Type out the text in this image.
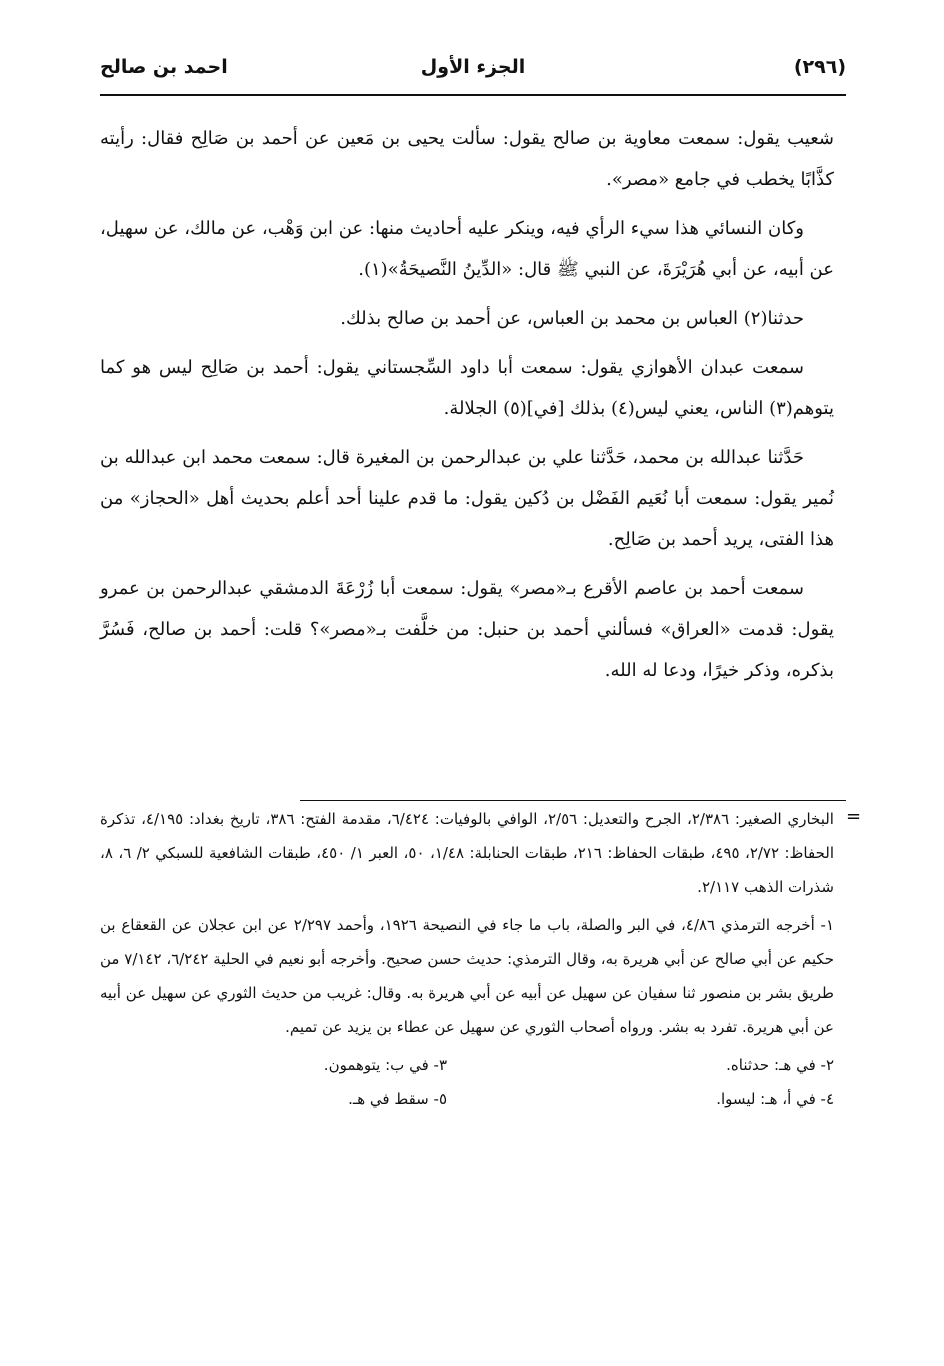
(٢٩٦)
الجزء الأول
احمد بن صالح

شعيب يقول: سمعت معاوية بن صالح يقول: سألت يحيى بن مَعين عن أحمد بن صَالِح فقال: رأيته كذَّابًا يخطب في جامع «مصر».

وكان النسائي هذا سيء الرأي فيه، وينكر عليه أحاديث منها: عن ابن وَهْب، عن مالك، عن سهيل، عن أبيه، عن أبي هُرَيْرَةَ، عن النبي ﷺ قال: «الدِّينُ النَّصيحَةُ»(١).

حدثنا(٢) العباس بن محمد بن العباس، عن أحمد بن صالح بذلك.

سمعت عبدان الأهوازي يقول: سمعت أبا داود السِّجستاني يقول: أحمد بن صَالِح ليس هو كما يتوهم(٣) الناس، يعني ليس(٤) بذلك [في](٥) الجلالة.

حَدَّثنا عبدالله بن محمد، حَدَّثنا علي بن عبدالرحمن بن المغيرة قال: سمعت محمد ابن عبدالله بن نُمير يقول: سمعت أبا نُعَيم الفَضْل بن دُكين يقول: ما قدم علينا أحد أعلم بحديث أهل «الحجاز» من هذا الفتى، يريد أحمد بن صَالِح.

سمعت أحمد بن عاصم الأقرع بـ«مصر» يقول: سمعت أبا زُرْعَةَ الدمشقي عبدالرحمن بن عمرو يقول: قدمت «العراق» فسألني أحمد بن حنبل: من خلَّفت بـ«مصر»؟ قلت: أحمد بن صالح، فَسُرَّ بذكره، وذكر خيرًا، ودعا له الله.

=

البخاري الصغير: ٢/٣٨٦، الجرح والتعديل: ٢/٥٦، الوافي بالوفيات: ٦/٤٢٤، مقدمة الفتح: ٣٨٦، تاريخ بغداد: ٤/١٩٥، تذكرة الحفاظ: ٢/٧٢، ٤٩٥، طبقات الحفاظ: ٢١٦، طبقات الحنابلة: ١/٤٨، ٥٠، العبر ١/ ٤٥٠، طبقات الشافعية للسبكي ٢/ ٦، ٨، شذرات الذهب ٢/١١٧.

١- أخرجه الترمذي ٤/٨٦، في البر والصلة، باب ما جاء في النصيحة ١٩٢٦، وأحمد ٢/٢٩٧ عن ابن عجلان عن القعقاع بن حكيم عن أبي صالح عن أبي هريرة به، وقال الترمذي: حديث حسن صحيح. وأخرجه أبو نعيم في الحلية ٦/٢٤٢، ٧/١٤٢ من طريق بشر بن منصور ثنا سفيان عن سهيل عن أبيه عن أبي هريرة به. وقال: غريب من حديث الثوري عن سهيل عن أبيه عن أبي هريرة. تفرد به بشر. ورواه أصحاب الثوري عن سهيل عن عطاء بن يزيد عن تميم.

٢- في هـ: حدثناه.
٣- في ب: يتوهمون.
٤- في أ، هـ: ليسوا.
٥- سقط في هـ.
